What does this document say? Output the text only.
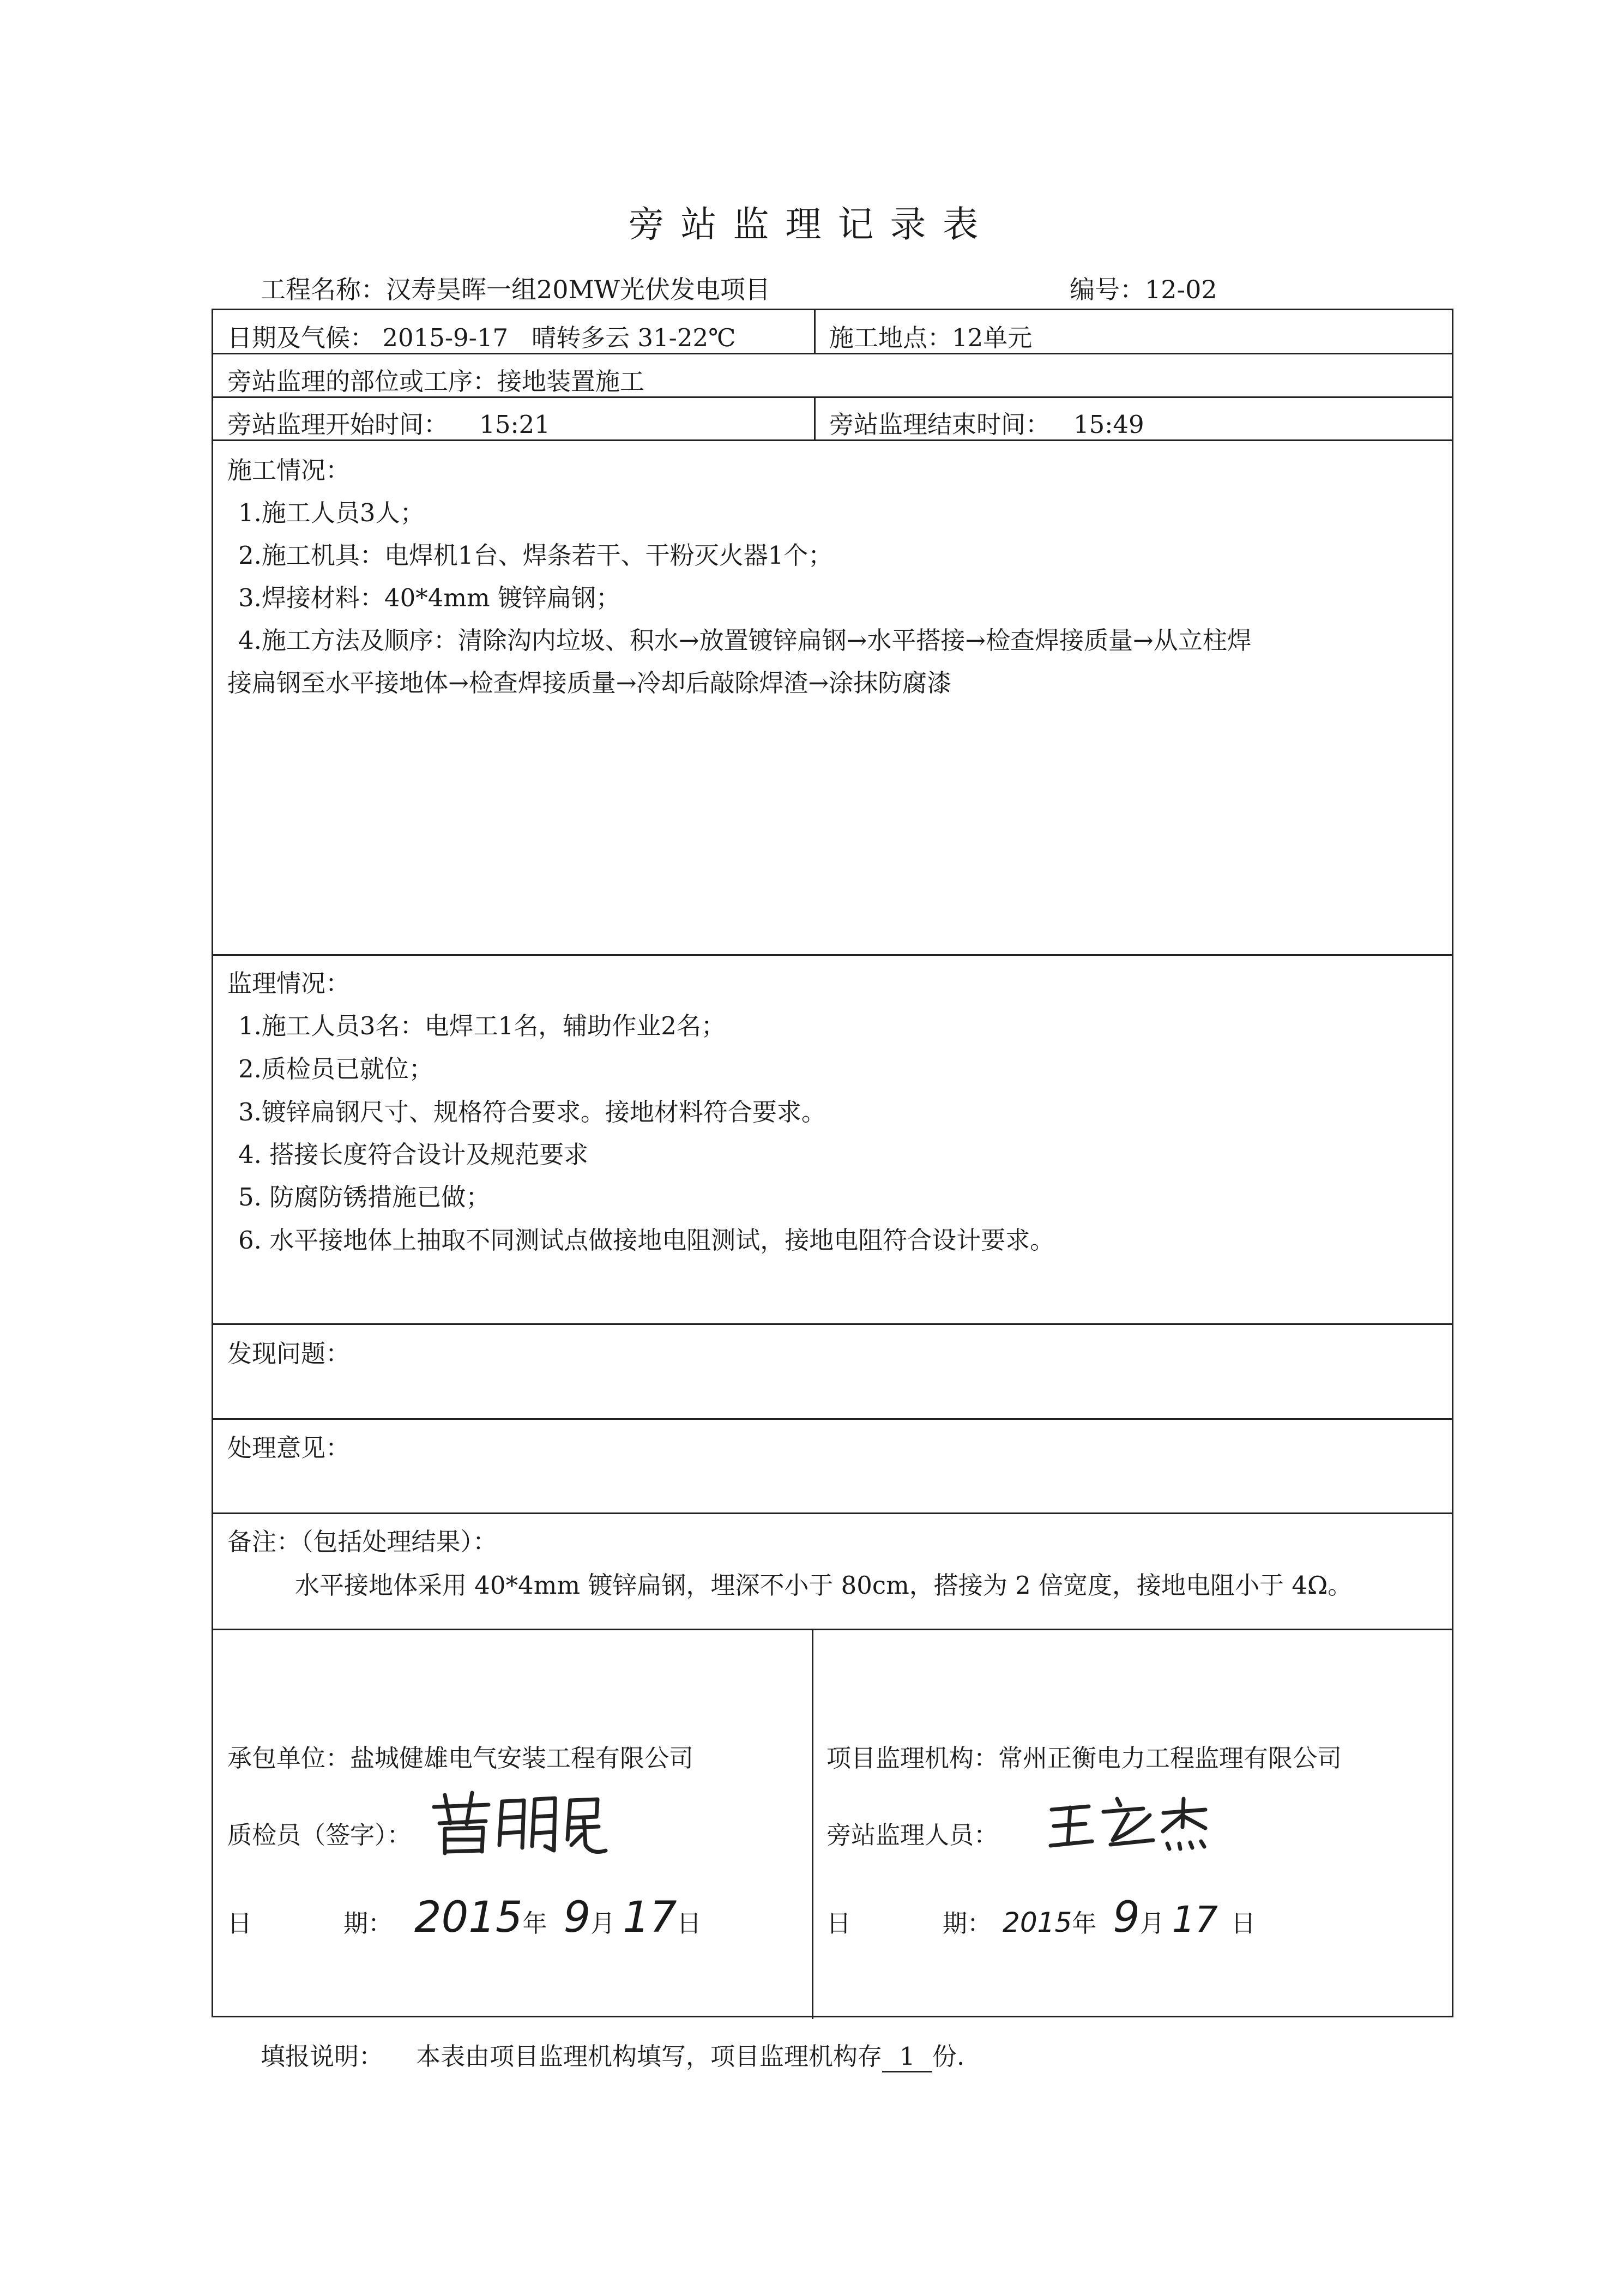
旁站监理记录表
工程名称：汉寿昊晖一组20MW光伏发电项目	编号：12-02
日期及气候： 2015-9-17 晴转多云 31-22℃	施工地点：12单元
旁站监理的部位或工序：接地装置施工
旁站监理开始时间： 15:21	旁站监理结束时间： 15:49
施工情况：
1.施工人员3人；
2.施工机具：电焊机1台、焊条若干、干粉灭火器1个；
3.焊接材料：40*4mm 镀锌扁钢；
4.施工方法及顺序：清除沟内垃圾、积水→放置镀锌扁钢→水平搭接→检查焊接质量→从立柱焊
接扁钢至水平接地体→检查焊接质量→冷却后敲除焊渣→涂抹防腐漆
监理情况：
1.施工人员3名：电焊工1名，辅助作业2名；
2.质检员已就位；
3.镀锌扁钢尺寸、规格符合要求。接地材料符合要求。
4. 搭接长度符合设计及规范要求
5. 防腐防锈措施已做；
6. 水平接地体上抽取不同测试点做接地电阻测试，接地电阻符合设计要求。
发现问题：
处理意见：
备注：（包括处理结果）：
水平接地体采用 40*4mm 镀锌扁钢，埋深不小于 80cm，搭接为 2 倍宽度，接地电阻小于 4Ω。
承包单位：盐城健雄电气安装工程有限公司
质检员（签字）：
日	期： 2015年 9月 17日
项目监理机构：常州正衡电力工程监理有限公司
旁站监理人员：
日	期： 2015年 9月 17 日
填报说明： 本表由项目监理机构填写，项目监理机构存 1 份.
